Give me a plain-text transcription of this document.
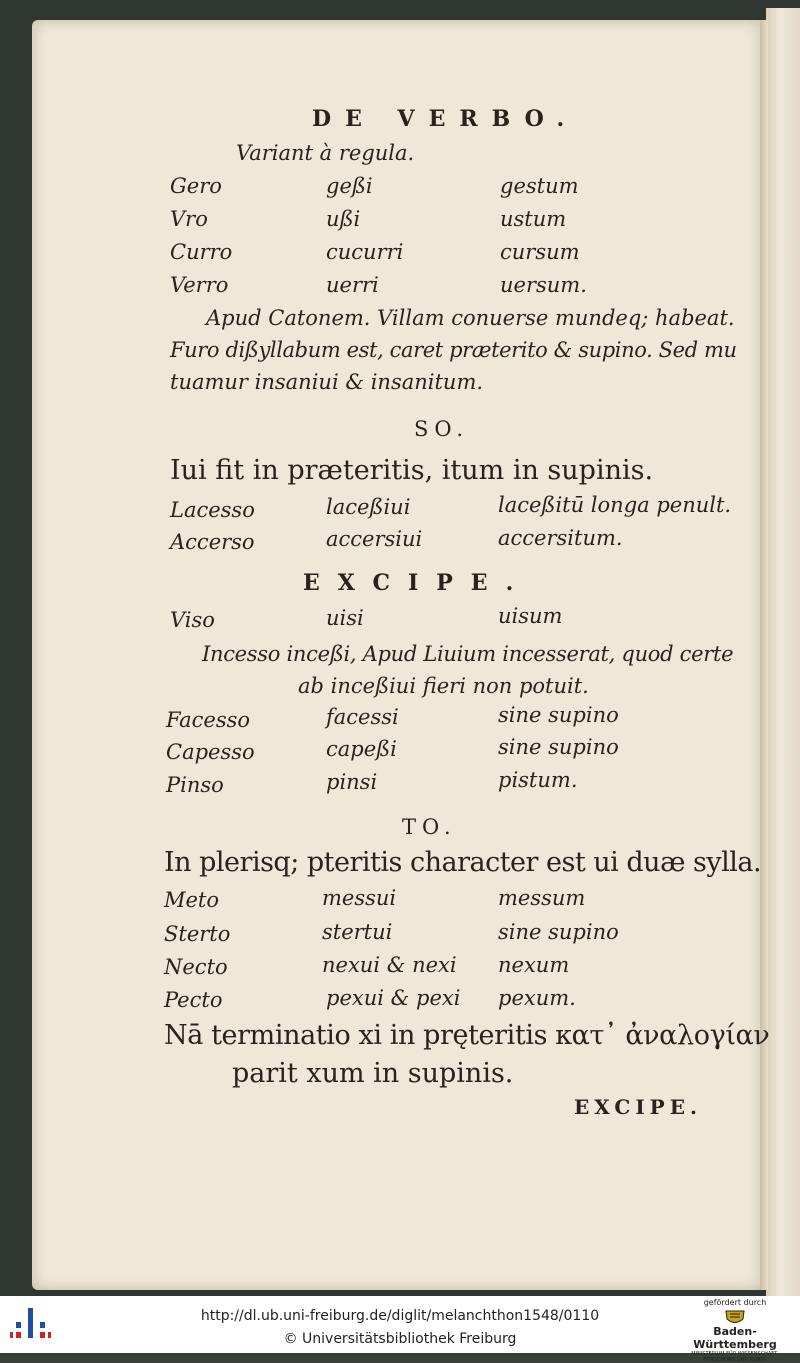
DE VERBO.
Variant à regula.
Gero	geßi	gestum
Vro	ußi	ustum
Curro	cucurri	cursum
Verro	uerri	uersum.
Apud Catonem. Villam conuerse mundeq; habeat.
Furo dißyllabum est, caret præterito & supino. Sed mu
tuamur insaniui & insanitum.
SO.
Iui fit in præteritis, itum in supinis.
Lacesso	laceßiui	laceßitū longa penult.
Accerso	accersiui	accersitum.
EXCIPE.
Viso	uisi	uisum
Incesso inceßi, Apud Liuium incesserat, quod certe
ab inceßiui fieri non potuit.
Facesso	facessi	sine supino
Capesso	capeßi	sine supino
Pinso	pinsi	pistum.
TO.
In plerisq; pteritis character est ui duæ sylla.
Meto	messui	messum
Sterto	stertui	sine supino
Necto	nexui & nexi nexum
Pecto	pexui & pexi pexum.
Nā terminatio xi in pręteritis κατ᾽ ἀναλογίαν
parit xum in supinis.
EXCIPE.
http://dl.ub.uni-freiburg.de/diglit/melanchthon1548/0110
© Universitätsbibliothek Freiburg
gefördert durch
Baden-Württemberg
MINISTERIUM FÜR WISSENSCHAFT, FORSCHUNG UND KUNST
